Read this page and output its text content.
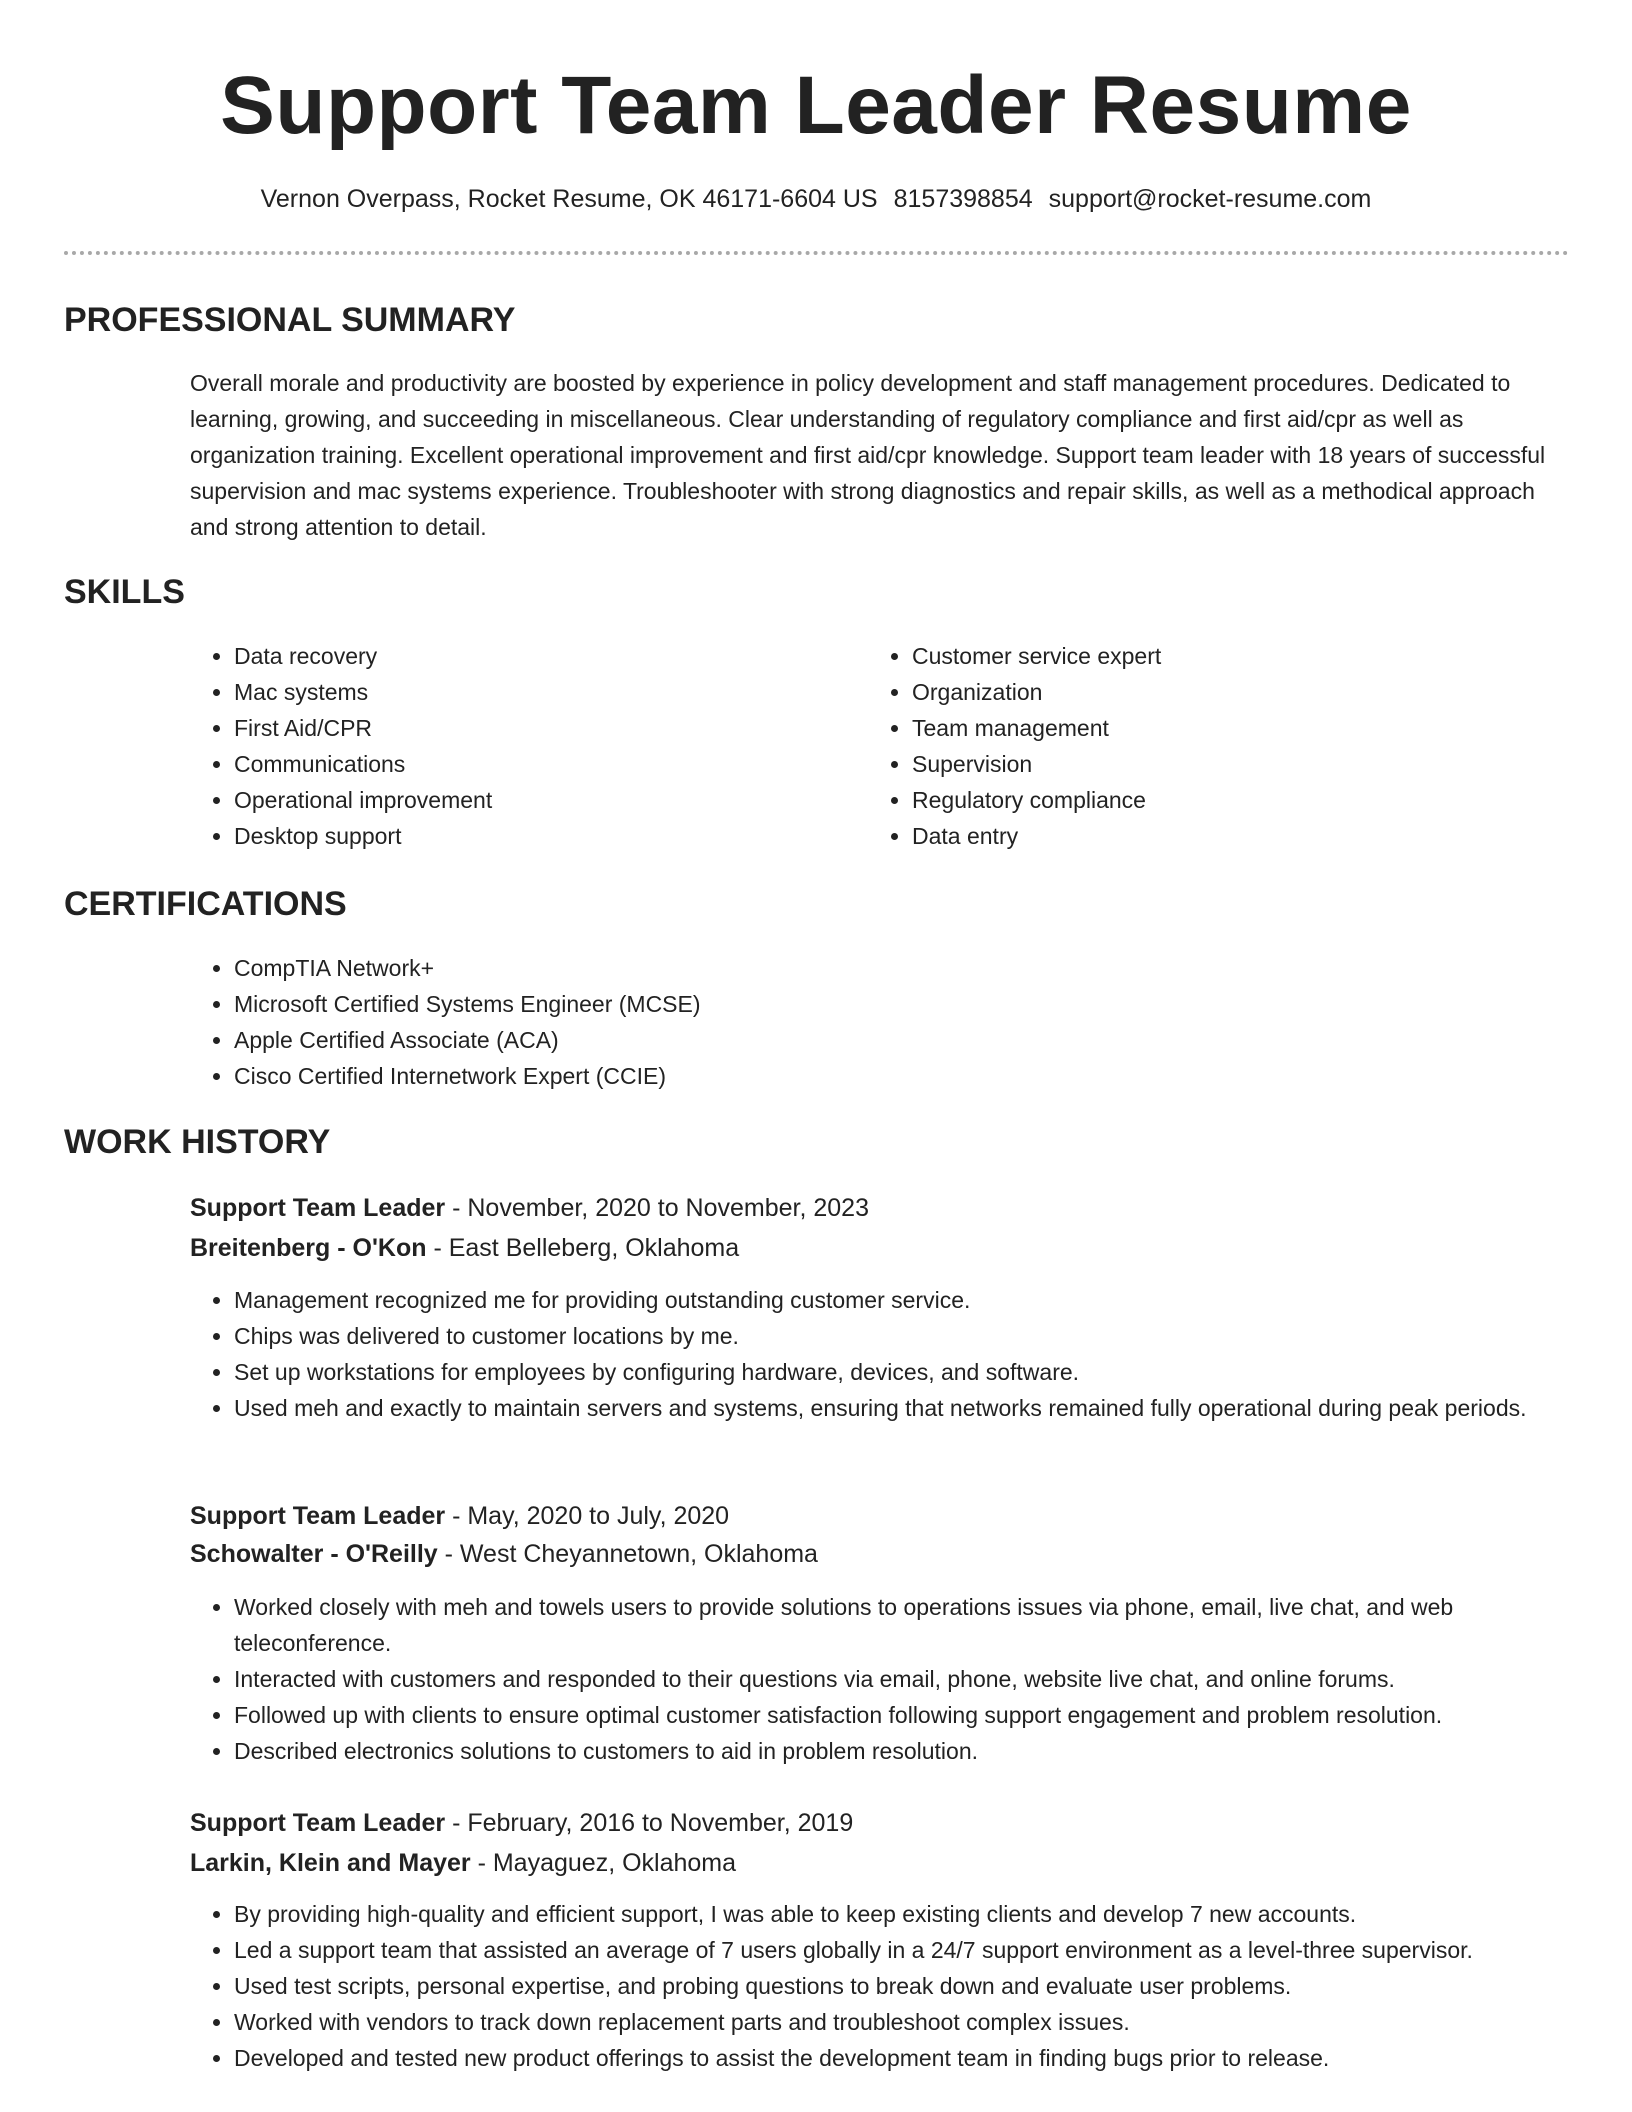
Support Team Leader Resume
Vernon Overpass, Rocket Resume, OK 46171-6604 US 8157398854 support@rocket-resume.com
PROFESSIONAL SUMMARY

Overall morale and productivity are boosted by experience in policy development and staff management procedures. Dedicated to learning, growing, and succeeding in miscellaneous. Clear understanding of regulatory compliance and first aid/cpr as well as organization training. Excellent operational improvement and first aid/cpr knowledge. Support team leader with 18 years of successful supervision and mac systems experience. Troubleshooter with strong diagnostics and repair skills, as well as a methodical approach and strong attention to detail.

SKILLS
• Data recovery
• Mac systems
• First Aid/CPR
• Communications
• Operational improvement
• Desktop support
• Customer service expert
• Organization
• Team management
• Supervision
• Regulatory compliance
• Data entry
CERTIFICATIONS
• CompTIA Network+
• Microsoft Certified Systems Engineer (MCSE)
• Apple Certified Associate (ACA)
• Cisco Certified Internetwork Expert (CCIE)
WORK HISTORY

Support Team Leader - November, 2020 to November, 2023

Breitenberg - O'Kon - East Belleberg, Oklahoma

• Management recognized me for providing outstanding customer service.
• Chips was delivered to customer locations by me.
• Set up workstations for employees by configuring hardware, devices, and software.
• Used meh and exactly to maintain servers and systems, ensuring that networks remained fully operational during peak periods.

Support Team Leader - May, 2020 to July, 2020

Schowalter - O'Reilly - West Cheyannetown, Oklahoma

• Worked closely with meh and towels users to provide solutions to operations issues via phone, email, live chat, and web teleconference.
• Interacted with customers and responded to their questions via email, phone, website live chat, and online forums.
• Followed up with clients to ensure optimal customer satisfaction following support engagement and problem resolution.
• Described electronics solutions to customers to aid in problem resolution.

Support Team Leader - February, 2016 to November, 2019

Larkin, Klein and Mayer - Mayaguez, Oklahoma

• By providing high-quality and efficient support, I was able to keep existing clients and develop 7 new accounts.
• Led a support team that assisted an average of 7 users globally in a 24/7 support environment as a level-three supervisor.
• Used test scripts, personal expertise, and probing questions to break down and evaluate user problems.
• Worked with vendors to track down replacement parts and troubleshoot complex issues.
• Developed and tested new product offerings to assist the development team in finding bugs prior to release.
